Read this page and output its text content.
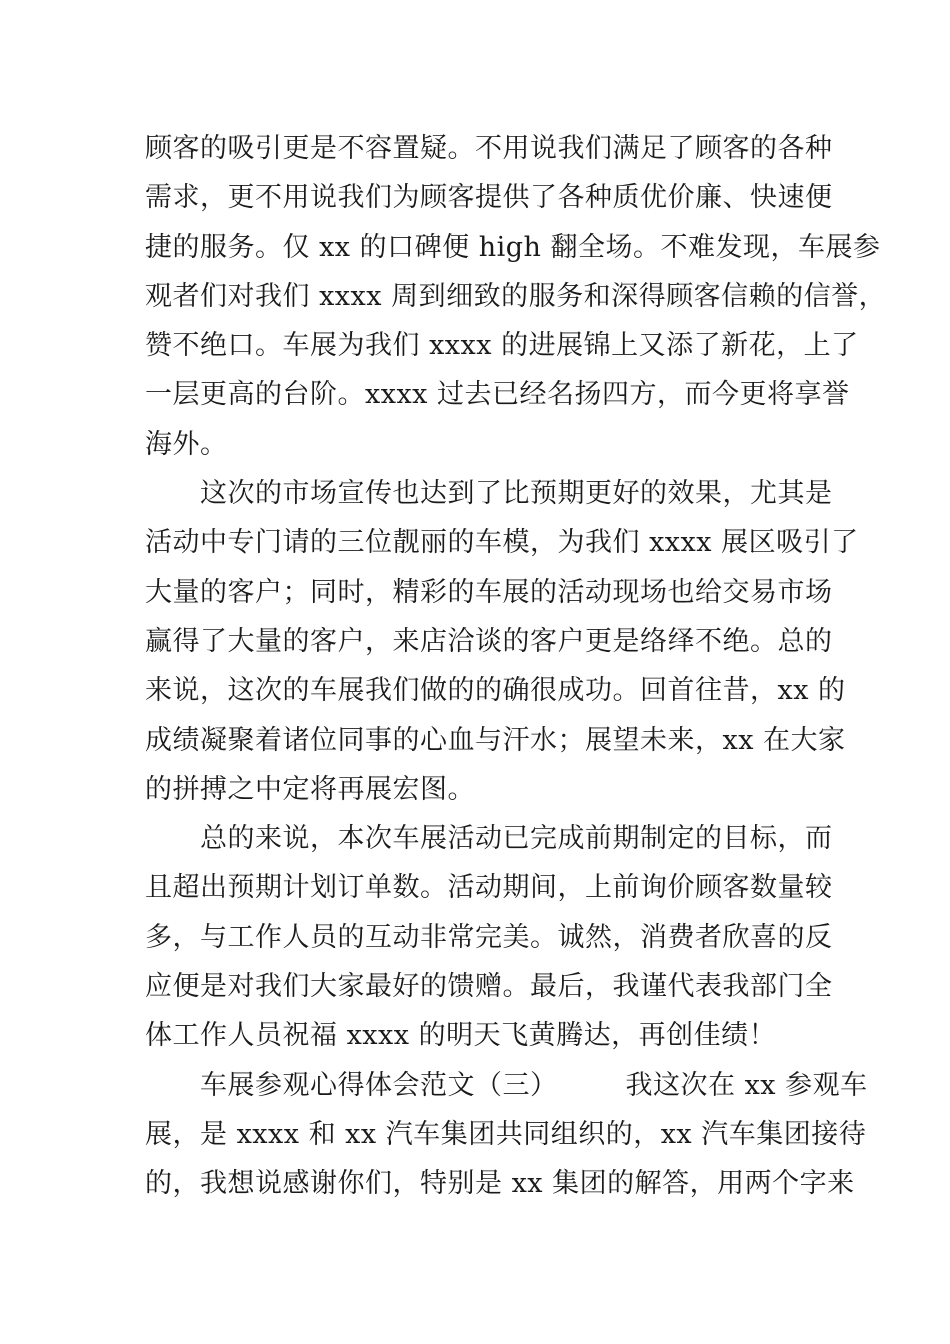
顾客的吸引更是不容置疑。不用说我们满足了顾客的各种
需求，更不用说我们为顾客提供了各种质优价廉、快速便
捷的服务。仅 xx 的口碑便 high 翻全场。不难发现，车展参
观者们对我们 xxxx 周到细致的服务和深得顾客信赖的信誉，
赞不绝口。车展为我们 xxxx 的进展锦上又添了新花，上了
一层更高的台阶。xxxx 过去已经名扬四方，而今更将享誉
海外。
这次的市场宣传也达到了比预期更好的效果，尤其是
活动中专门请的三位靓丽的车模，为我们 xxxx 展区吸引了
大量的客户；同时，精彩的车展的活动现场也给交易市场
赢得了大量的客户，来店洽谈的客户更是络绎不绝。总的
来说，这次的车展我们做的的确很成功。回首往昔，xx 的
成绩凝聚着诸位同事的心血与汗水；展望未来，xx 在大家
的拼搏之中定将再展宏图。
总的来说，本次车展活动已完成前期制定的目标，而
且超出预期计划订单数。活动期间，上前询价顾客数量较
多，与工作人员的互动非常完美。诚然，消费者欣喜的反
应便是对我们大家最好的馈赠。最后，我谨代表我部门全
体工作人员祝福 xxxx 的明天飞黄腾达，再创佳绩！
车展参观心得体会范文（三）	我这次在 xx 参观车
展，是 xxxx 和 xx 汽车集团共同组织的，xx 汽车集团接待
的，我想说感谢你们，特别是 xx 集团的解答，用两个字来
